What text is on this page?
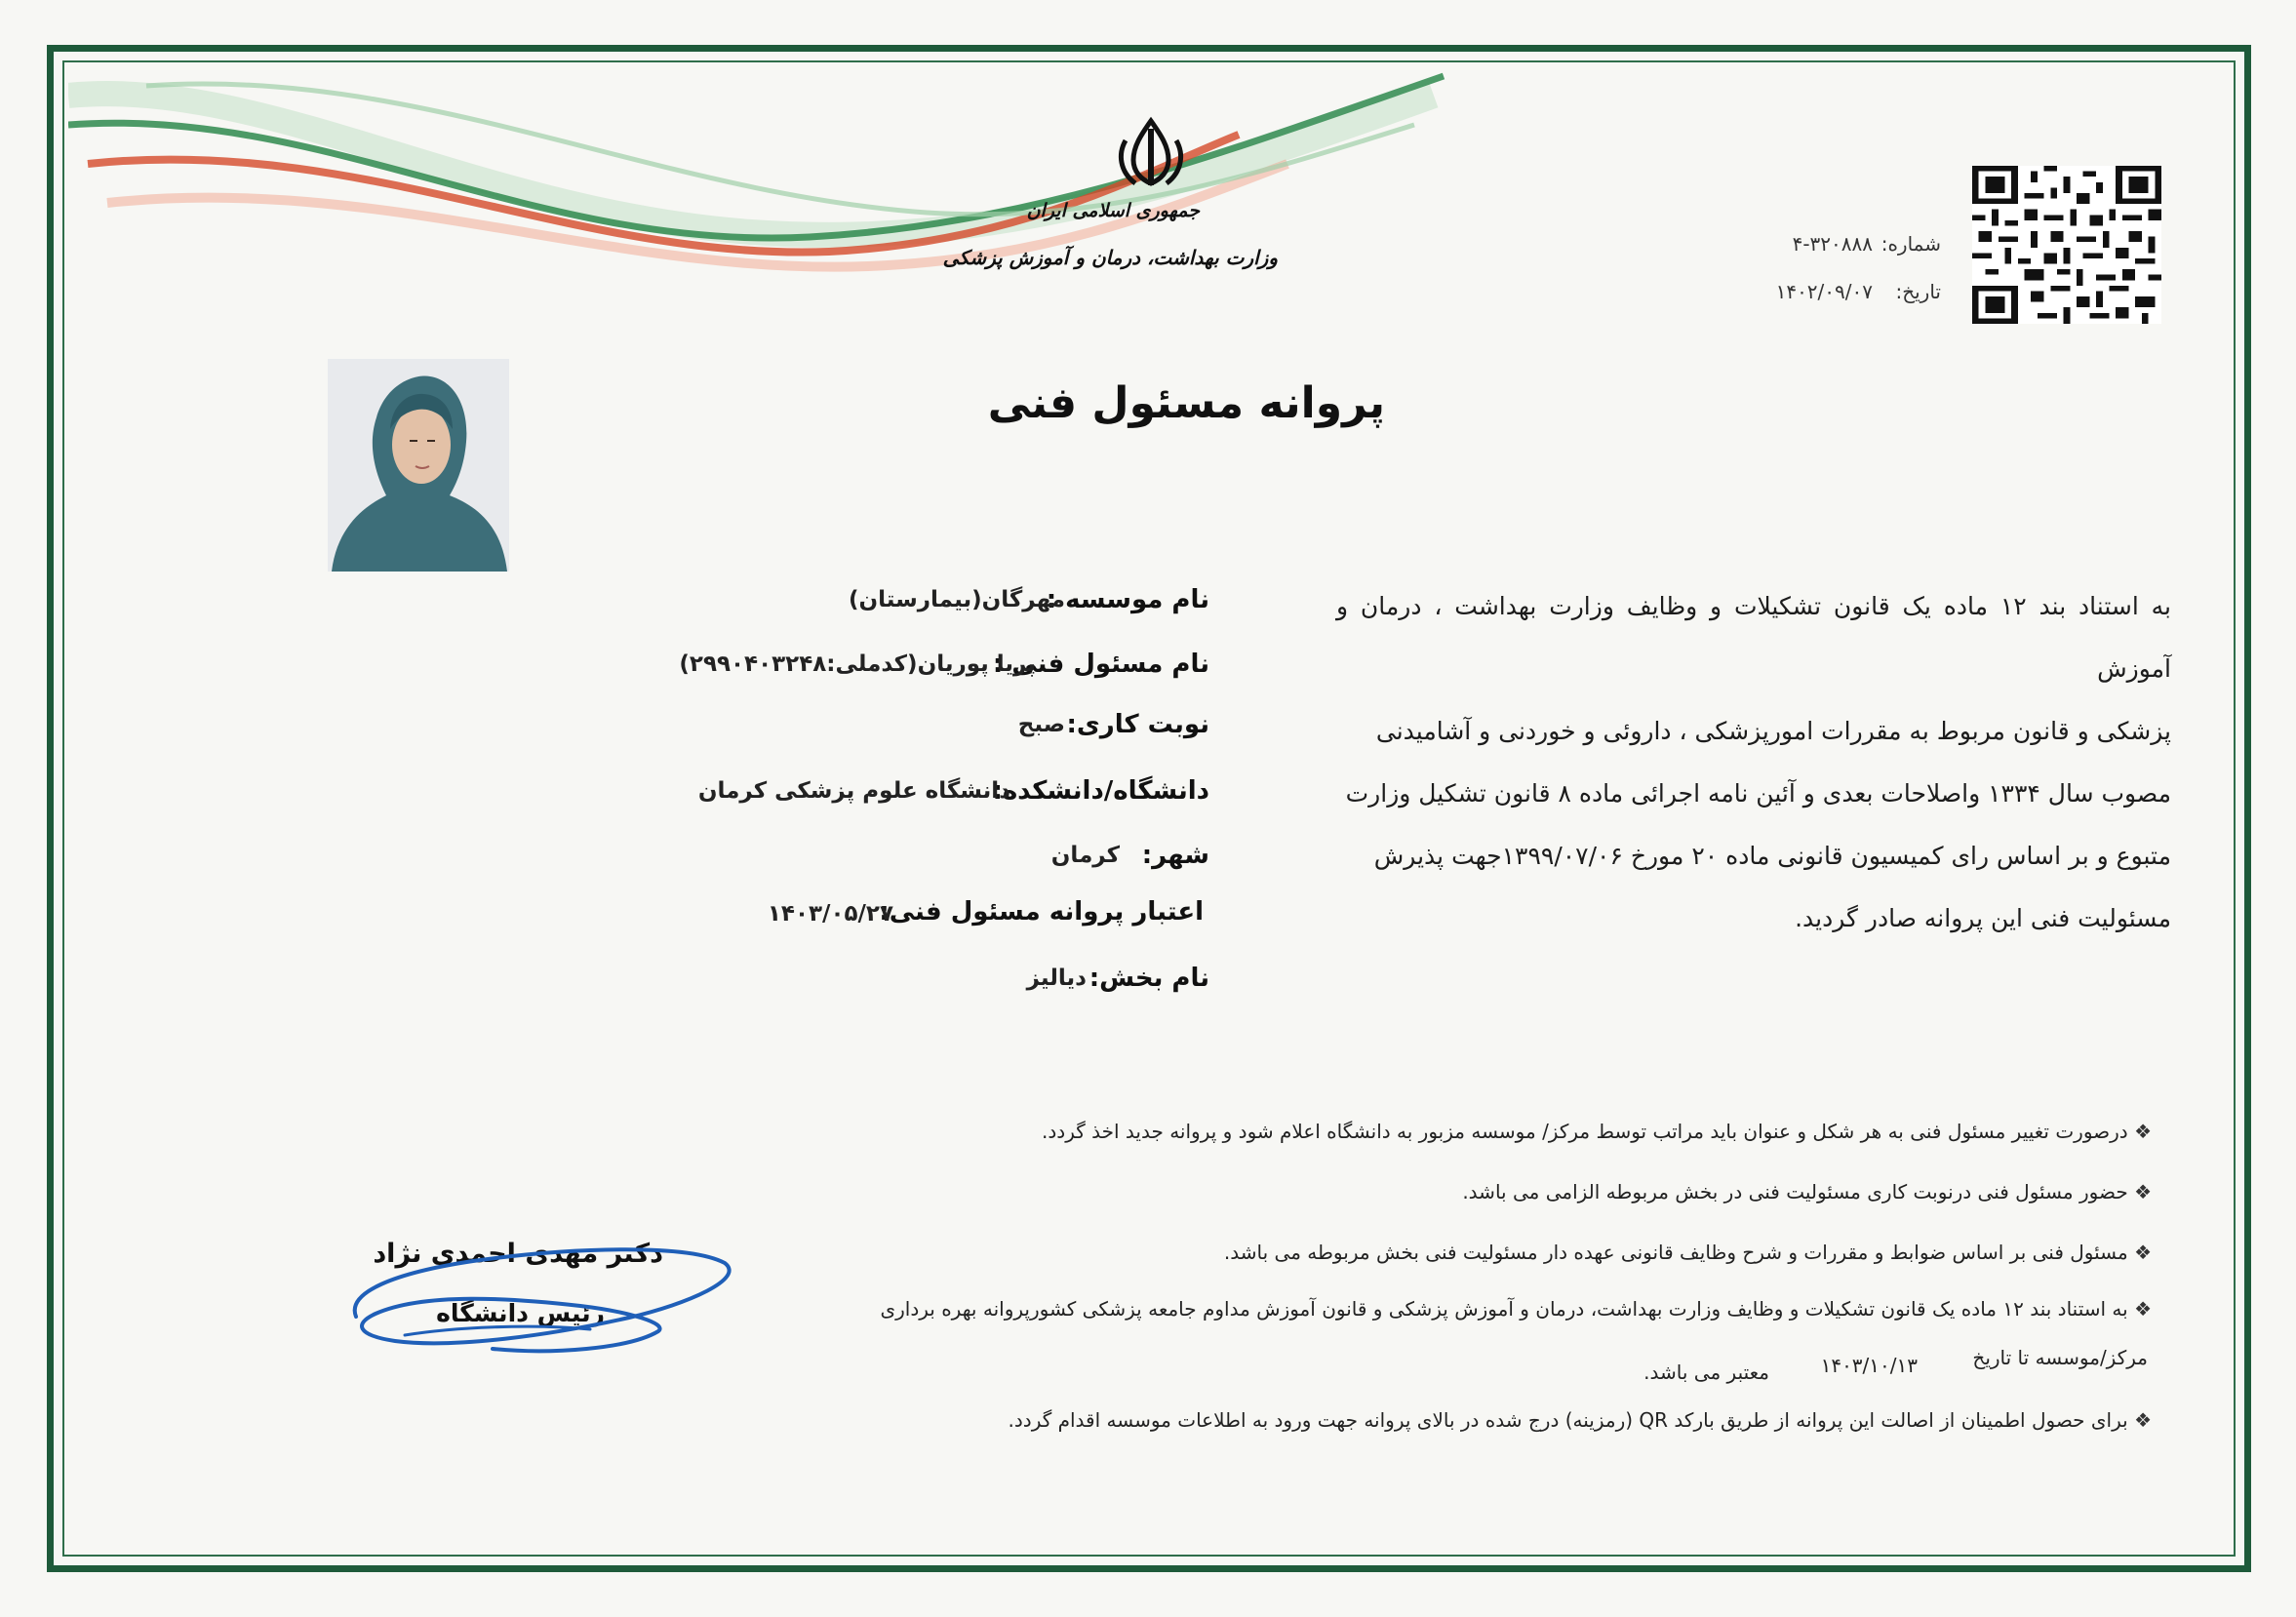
جمهوری اسلامی ایران
وزارت بهداشت، درمان و آموزش پزشکی
شماره:
۴-۳۲۰۸۸۸
تاریخ:
۱۴۰۲/۰۹/۰۷
پروانه مسئول فنی
به استناد بند ۱۲ ماده یک قانون تشکیلات و وظایف وزارت بهداشت ، درمان و آموزش
پزشکی و قانون مربوط به مقررات امورپزشکی ، داروئی و خوردنی و آشامیدنی
مصوب سال ۱۳۳۴ واصلاحات بعدی و آئین نامه اجرائی ماده ۸ قانون تشکیل وزارت
متبوع و بر اساس رای کمیسیون قانونی ماده ۲۰ مورخ ۱۳۹۹/۰۷/۰۶جهت پذیرش
مسئولیت فنی این پروانه صادر گردید.
نام موسسه :
مهرگان(بیمارستان)
نام مسئول فنی :
پریا پوریان(کدملی:۲۹۹۰۴۰۳۲۴۸)
نوبت کاری:
صبح
دانشگاه/دانشکده:
دانشگاه علوم پزشکی کرمان
شهر:
کرمان
اعتبار پروانه مسئول فنی:
۱۴۰۳/۰۵/۲۷
نام بخش:
دیالیز
❖ درصورت تغییر مسئول فنی به هر شکل و عنوان باید مراتب توسط مرکز/ موسسه مزبور به دانشگاه اعلام شود و پروانه جدید اخذ گردد.
❖ حضور مسئول فنی درنوبت کاری مسئولیت فنی در بخش مربوطه الزامی می باشد.
❖ مسئول فنی بر اساس ضوابط و مقررات و شرح وظایف قانونی عهده دار مسئولیت فنی بخش مربوطه می باشد.
❖ به استناد بند ۱۲ ماده یک قانون تشکیلات و وظایف وزارت بهداشت، درمان و آموزش پزشکی و قانون آموزش مداوم جامعه پزشکی کشورپروانه بهره برداری
مرکز/موسسه تا تاریخ
۱۴۰۳/۱۰/۱۳
معتبر می باشد.
❖ برای حصول اطمینان از اصالت این پروانه از طریق بارکد QR (رمزینه) درج شده در بالای پروانه جهت ورود به اطلاعات موسسه اقدام گردد.
دکتر مهدی احمدی نژاد
رئیس دانشگاه
